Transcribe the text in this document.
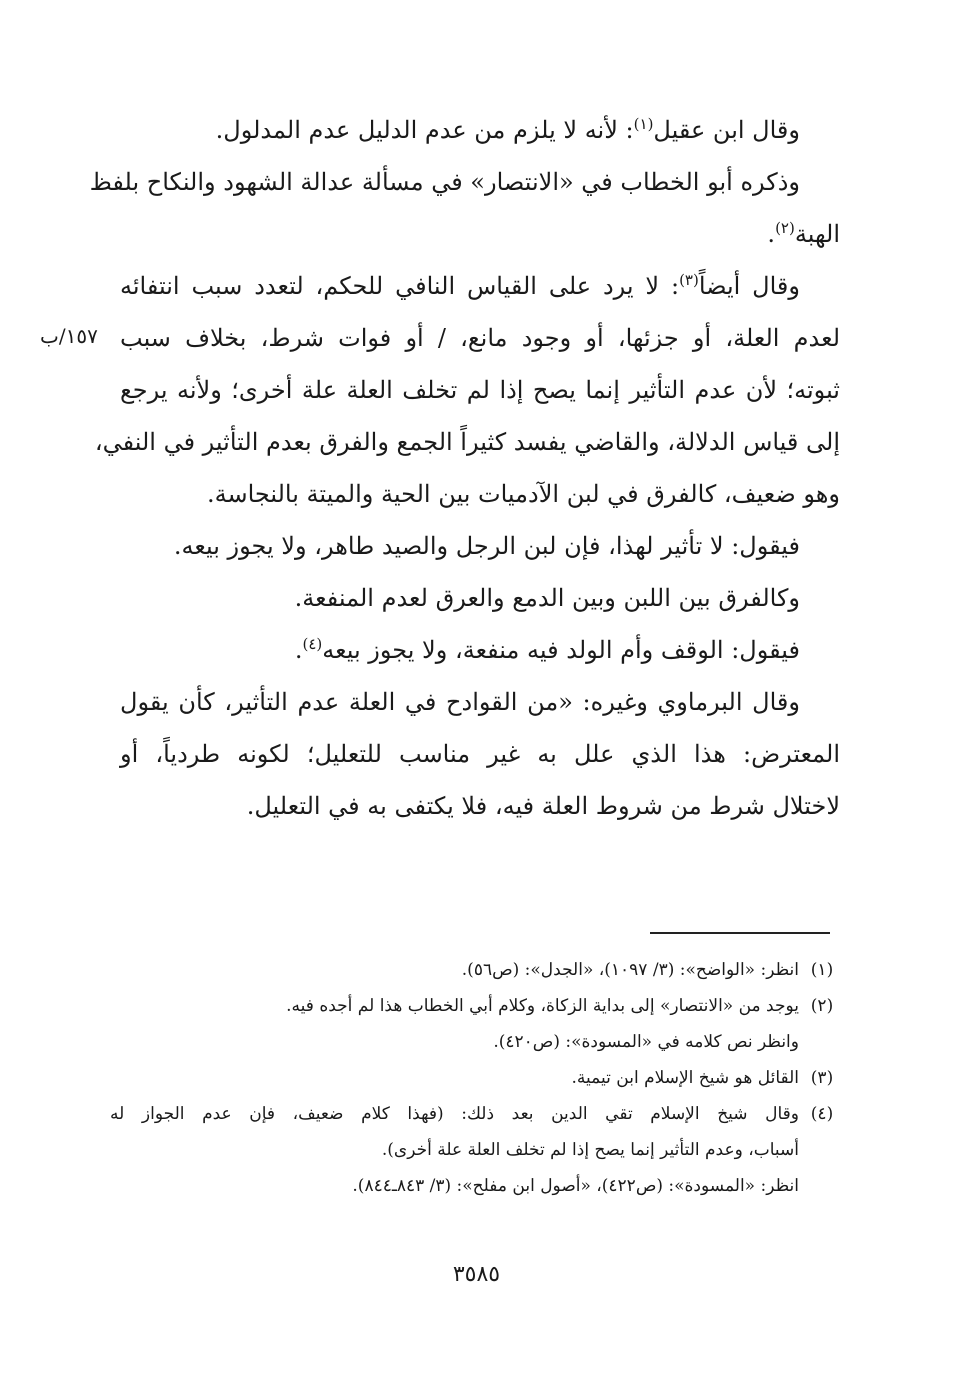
وقال ابن عقيل$^{(١)}$: لأنه لا يلزم من عدم الدليل عدم المدلول.
وذكره أبو الخطاب في «الانتصار» في مسألة عدالة الشهود والنكاح بلفظ
الهبة$^{(٢)}$.
وقال أيضاً$^{(٣)}$: لا يرد على القياس النافي للحكم، لتعدد سبب انتفائه
لعدم العلة، أو جزئها، أو وجود مانع، / أو فوات شرط، بخلاف سبب
ثبوته؛ لأن عدم التأثير إنما يصح إذا لم تخلف العلة علة أخرى؛ ولأنه يرجع
إلى قياس الدلالة، والقاضي يفسد كثيراً الجمع والفرق بعدم التأثير في النفي،
وهو ضعيف، كالفرق في لبن الآدميات بين الحية والميتة بالنجاسة.
فيقول: لا تأثير لهذا، فإن لبن الرجل والصيد طاهر، ولا يجوز بيعه.
وكالفرق بين اللبن وبين الدمع والعرق لعدم المنفعة.
فيقول: الوقف وأم الولد فيه منفعة، ولا يجوز بيعه$^{(٤)}$.
وقال البرماوي وغيره: «من القوادح في العلة عدم التأثير، كأن يقول
المعترض: هذا الذي علل به غير مناسب للتعليل؛ لكونه طردياً، أو
لاختلال شرط من شروط العلة فيه، فلا يكتفى به في التعليل.
١٥٧/ب
(١)
انظر: «الواضح»: (٣/ ١٠٩٧)، «الجدل»: (ص٥٦).
(٢)
يوجد من «الانتصار» إلى بداية الزكاة، وكلام أبي الخطاب هذا لم أجده فيه.
وانظر نص كلامه في «المسودة»: (ص٤٢٠).
(٣)
القائل هو شيخ الإسلام ابن تيمية.
(٤)
وقال شيخ الإسلام تقي الدين بعد ذلك: (فهذا كلام ضعيف، فإن عدم الجواز له
أسباب، وعدم التأثير إنما يصح إذا لم تخلف العلة علة أخرى).
انظر: «المسودة»: (ص٤٢٢)، «أصول ابن مفلح»: (٣/ ٨٤٣ـ٨٤٤).
٣٥٨٥
